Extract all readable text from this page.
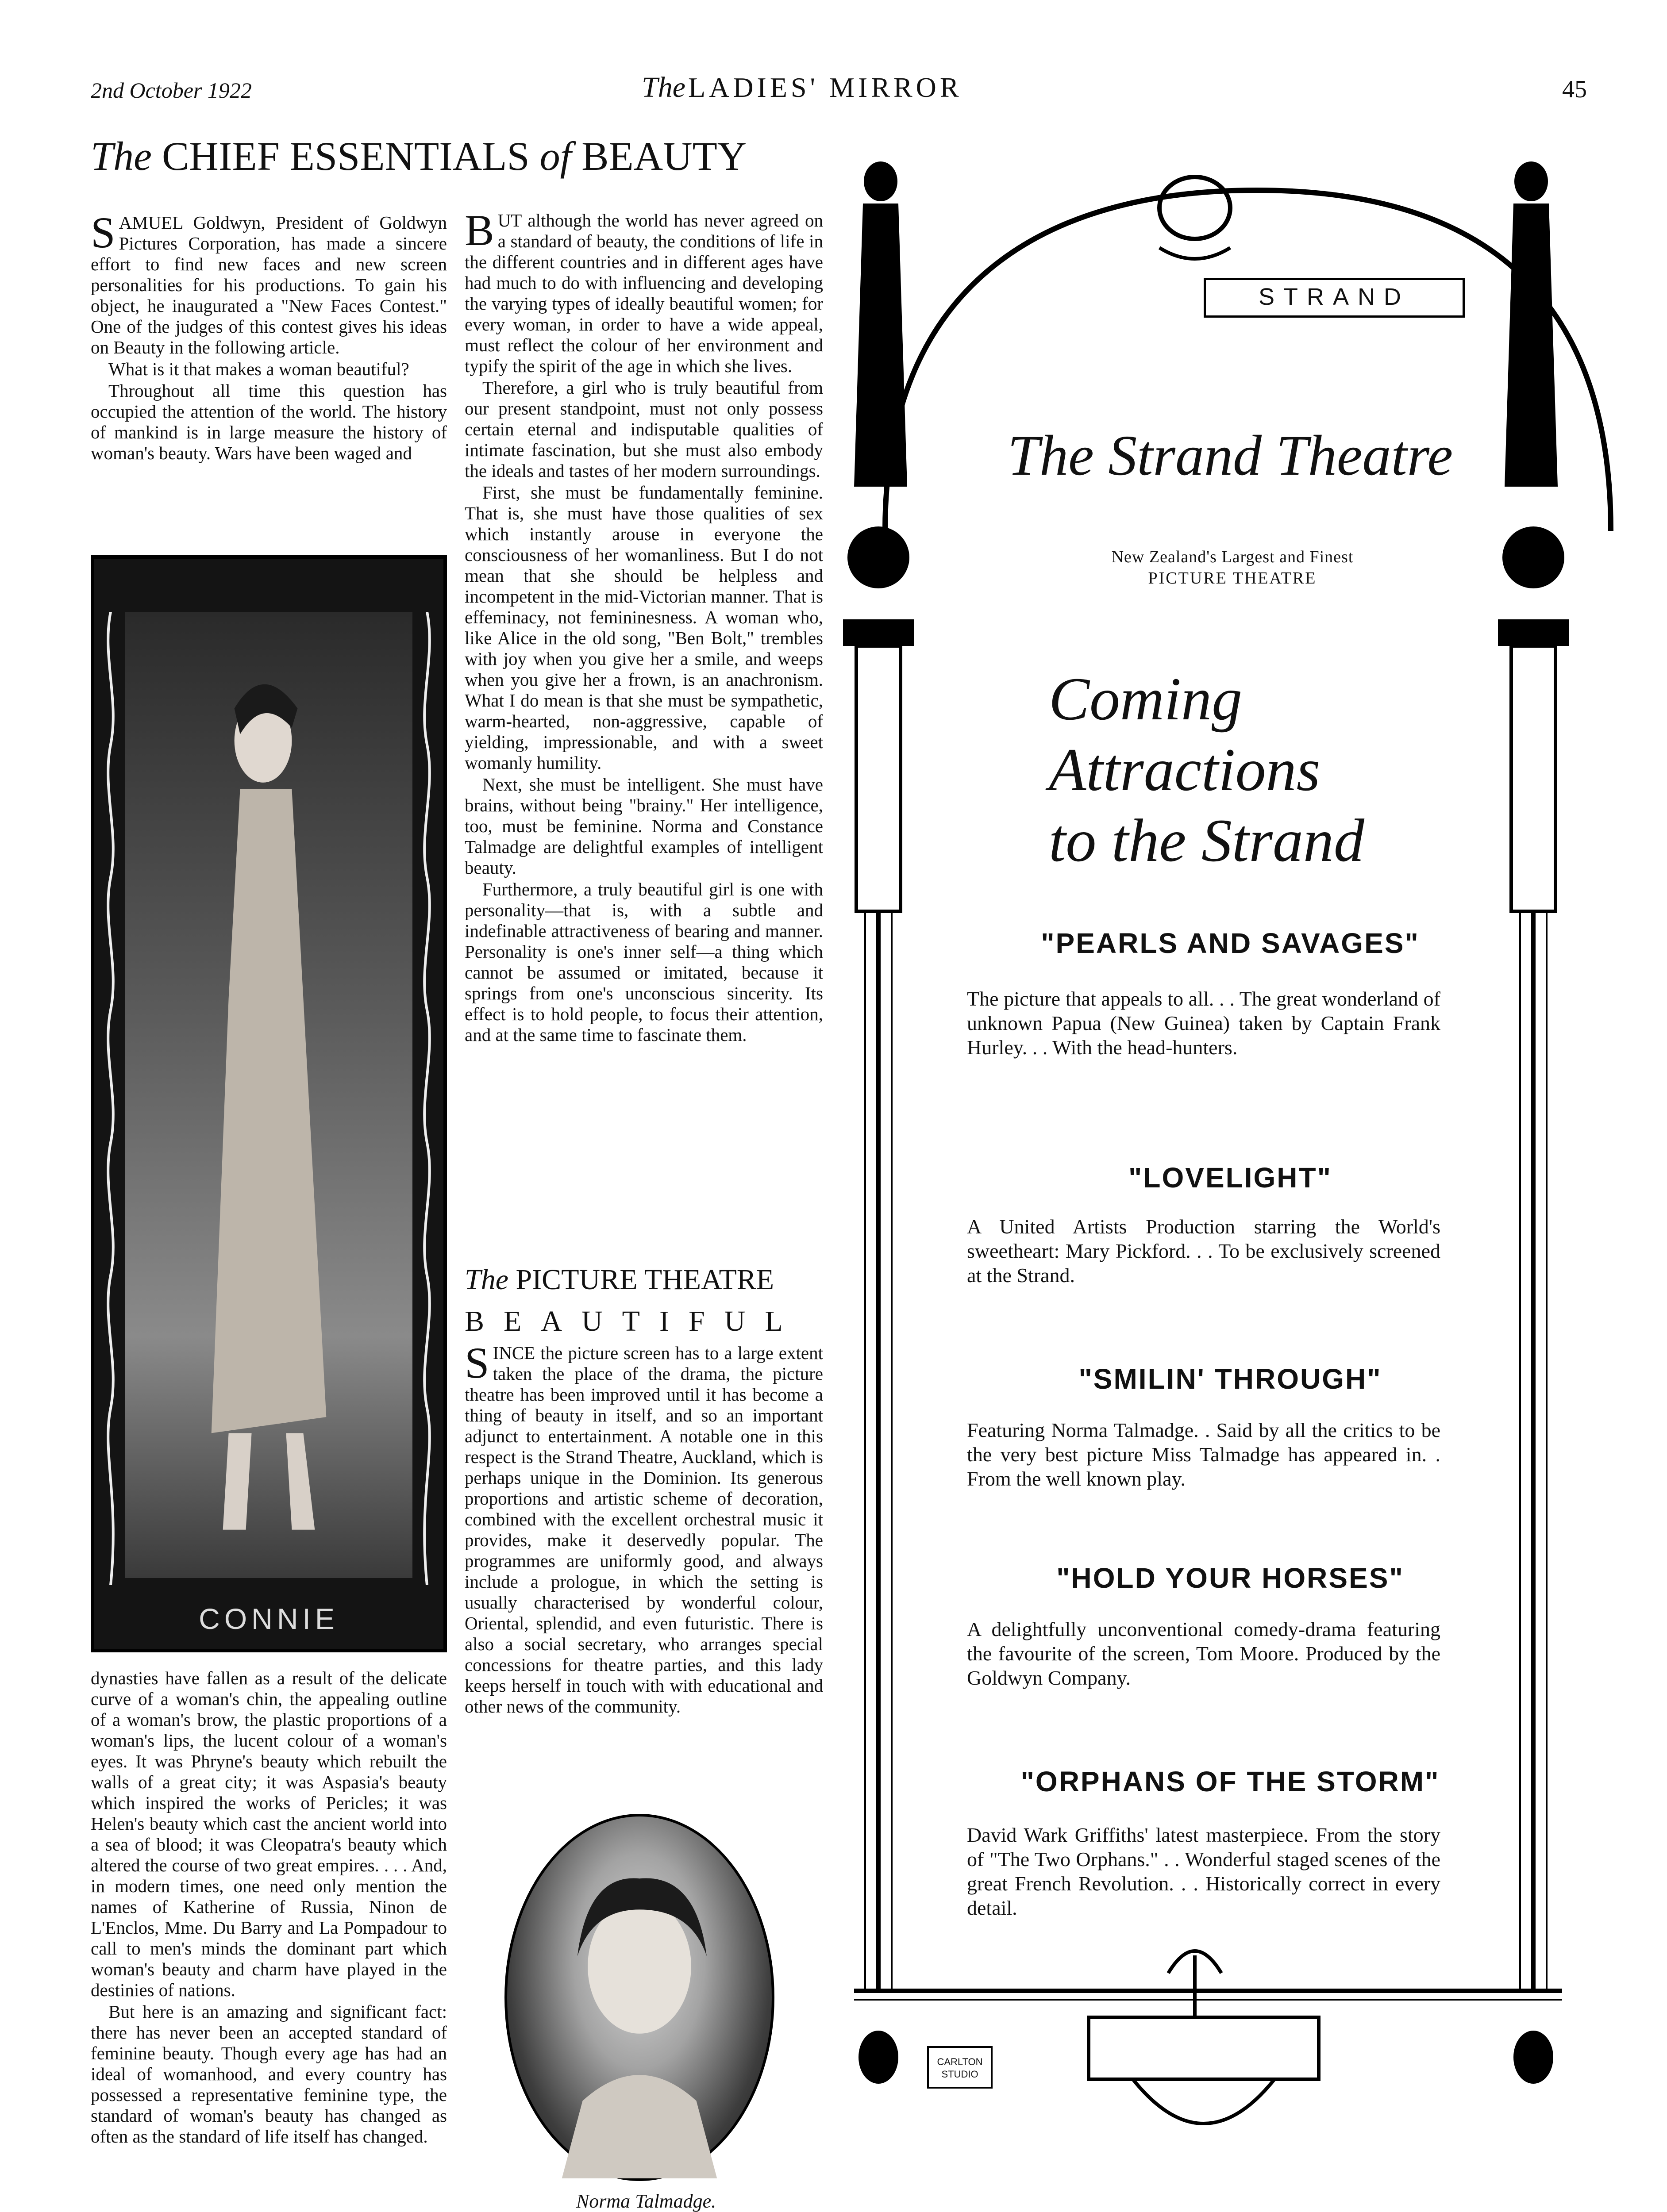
2nd October 1922	TheLADIES' MIRROR	45
The CHIEF ESSENTIALS of BEAUTY

SAMUEL Goldwyn, President of Goldwyn Pictures Corporation, has made a sincere effort to find new faces and new screen personalities for his productions. To gain his object, he inaugurated a "New Faces Contest." One of the judges of this contest gives his ideas on Beauty in the following article.

What is it that makes a woman beautiful?

Throughout all time this question has occupied the attention of the world. The history of mankind is in large measure the history of woman's beauty. Wars have been waged and

CONNIE

dynasties have fallen as a result of the delicate curve of a woman's chin, the appealing outline of a woman's brow, the plastic proportions of a woman's lips, the lucent colour of a woman's eyes. It was Phryne's beauty which rebuilt the walls of a great city; it was Aspasia's beauty which inspired the works of Pericles; it was Helen's beauty which cast the ancient world into a sea of blood; it was Cleopatra's beauty which altered the course of two great empires. . . . And, in modern times, one need only mention the names of Katherine of Russia, Ninon de L'Enclos, Mme. Du Barry and La Pompadour to call to men's minds the dominant part which woman's beauty and charm have played in the destinies of nations.

But here is an amazing and significant fact: there has never been an accepted standard of feminine beauty. Though every age has had an ideal of womanhood, and every country has possessed a representative feminine type, the standard of woman's beauty has changed as often as the standard of life itself has changed.

BUT although the world has never agreed on a standard of beauty, the conditions of life in the different countries and in different ages have had much to do with influencing and developing the varying types of ideally beautiful women; for every woman, in order to have a wide appeal, must reflect the colour of her environment and typify the spirit of the age in which she lives.

Therefore, a girl who is truly beautiful from our present standpoint, must not only possess certain eternal and indisputable qualities of intimate fascination, but she must also embody the ideals and tastes of her modern surroundings.

First, she must be fundamentally feminine. That is, she must have those qualities of sex which instantly arouse in everyone the consciousness of her womanliness. But I do not mean that she should be helpless and incompetent in the mid-Victorian manner. That is effeminacy, not femininesness. A woman who, like Alice in the old song, "Ben Bolt," trembles with joy when you give her a smile, and weeps when you give her a frown, is an anachronism. What I do mean is that she must be sympathetic, warm-hearted, non-aggressive, capable of yielding, impressionable, and with a sweet womanly humility.

Next, she must be intelligent. She must have brains, without being "brainy." Her intelligence, too, must be feminine. Norma and Constance Talmadge are delightful examples of intelligent beauty.

Furthermore, a truly beautiful girl is one with personality—that is, with a subtle and indefinable attractiveness of bearing and manner. Personality is one's inner self—a thing which cannot be assumed or imitated, because it springs from one's unconscious sincerity. Its effect is to hold people, to focus their attention, and at the same time to fascinate them.

The PICTURE THEATRE
BEAUTIFUL

SINCE the picture screen has to a large extent taken the place of the drama, the picture theatre has been improved until it has become a thing of beauty in itself, and so an important adjunct to entertainment. A notable one in this respect is the Strand Theatre, Auckland, which is perhaps unique in the Dominion. Its generous proportions and artistic scheme of decoration, combined with the excellent orchestral music it provides, make it deservedly popular. The programmes are uniformly good, and always include a prologue, in which the setting is usually characterised by wonderful colour, Oriental, splendid, and even futuristic. There is also a social secretary, who arranges special concessions for theatre parties, and this lady keeps herself in touch with with educational and other news of the community.

Norma Talmadge.
STRAND
The Strand Theatre
New Zealand's Largest and Finest
PICTURE THEATRE
Coming
Attractions
to the Strand
"PEARLS AND SAVAGES"
The picture that appeals to all. . . The great wonderland of unknown Papua (New Guinea) taken by Captain Frank Hurley. . . With the head-hunters.
"LOVELIGHT"
A United Artists Production starring the World's sweetheart: Mary Pickford. . . To be exclusively screened at the Strand.
"SMILIN' THROUGH"
Featuring Norma Talmadge. . Said by all the critics to be the very best picture Miss Talmadge has appeared in. . From the well known play.
"HOLD YOUR HORSES"
A delightfully unconventional comedy-drama featuring the favourite of the screen, Tom Moore. Produced by the Goldwyn Company.
"ORPHANS OF THE STORM"
David Wark Griffiths' latest masterpiece. From the story of "The Two Orphans." . . Wonderful staged scenes of the great French Revolution. . . Historically correct in every detail.
CARLTON
STUDIO
